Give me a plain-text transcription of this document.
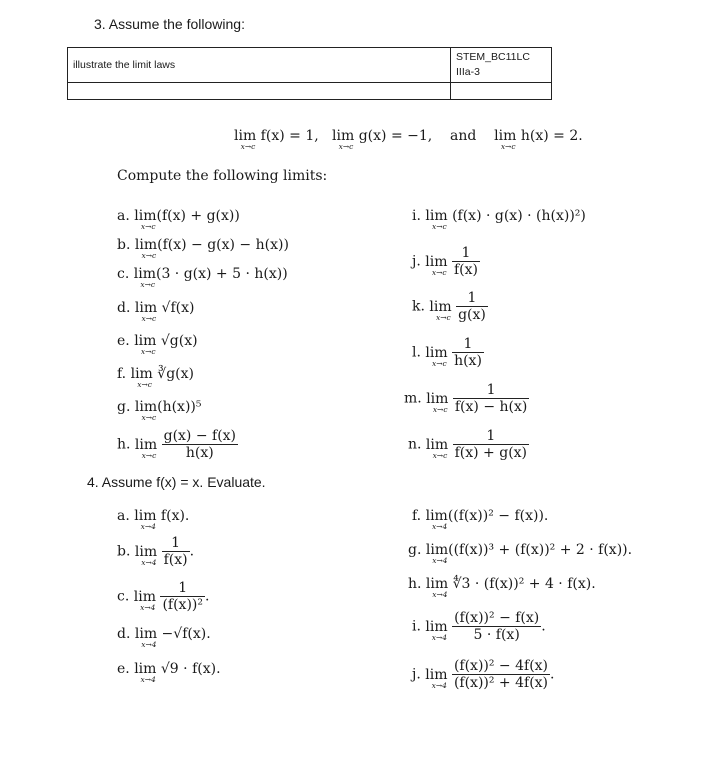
3. Assume the following:
illustrate the limit laws	STEM_BC11LC
IIIa-3

lim f(x) = 1,
x→c
lim g(x) = −1,
x→c
and lim h(x) = 2.
x→c
Compute the following limits:
a. lim(f(x) + g(x))
x→c
b. lim(f(x) − g(x) − h(x))
x→c
c. lim(3 · g(x) + 5 · h(x))
x→c
d. lim √f(x)
x→c
e. lim √g(x)
x→c
f. lim ∛g(x)
x→c
g. lim(h(x))⁵
x→c
h. lim
x→c
$\frac{g(x) - f(x)}{h(x)}$
i. lim (f(x) · g(x) · (h(x))²)
x→c
j. lim
x→c
$\frac{1}{f(x)}$
k. lim
x→c
$\frac{1}{g(x)}$
l. lim
x→c
$\frac{1}{h(x)}$
m. lim
x→c
$\frac{1}{f(x) - h(x)}$
n. lim
x→c
$\frac{1}{f(x) + g(x)}$
4. Assume f(x) = x. Evaluate.
a. lim f(x).
x→4
b. lim
x→4
$\frac{1}{f(x)}$ .
c. lim
x→4
$\frac{1}{\text{(f(x))²}}$ .
d. lim −√f(x).
x→4
e. lim √9 · f(x).
x→4
f. lim((f(x))² − f(x)).
x→4
g. lim((f(x))³ + (f(x))² + 2 · f(x)).
x→4
h. lim ∜3 · (f(x))² + 4 · f(x).
x→4
i. lim
x→4
$\frac{\text{(f(x))² − f(x)}}{5 \cdot f(x)}$ .
j. lim
x→4
$\frac{\text{(f(x))² − 4f(x)}}{\text{(f(x))² + 4f(x)}}$ .
